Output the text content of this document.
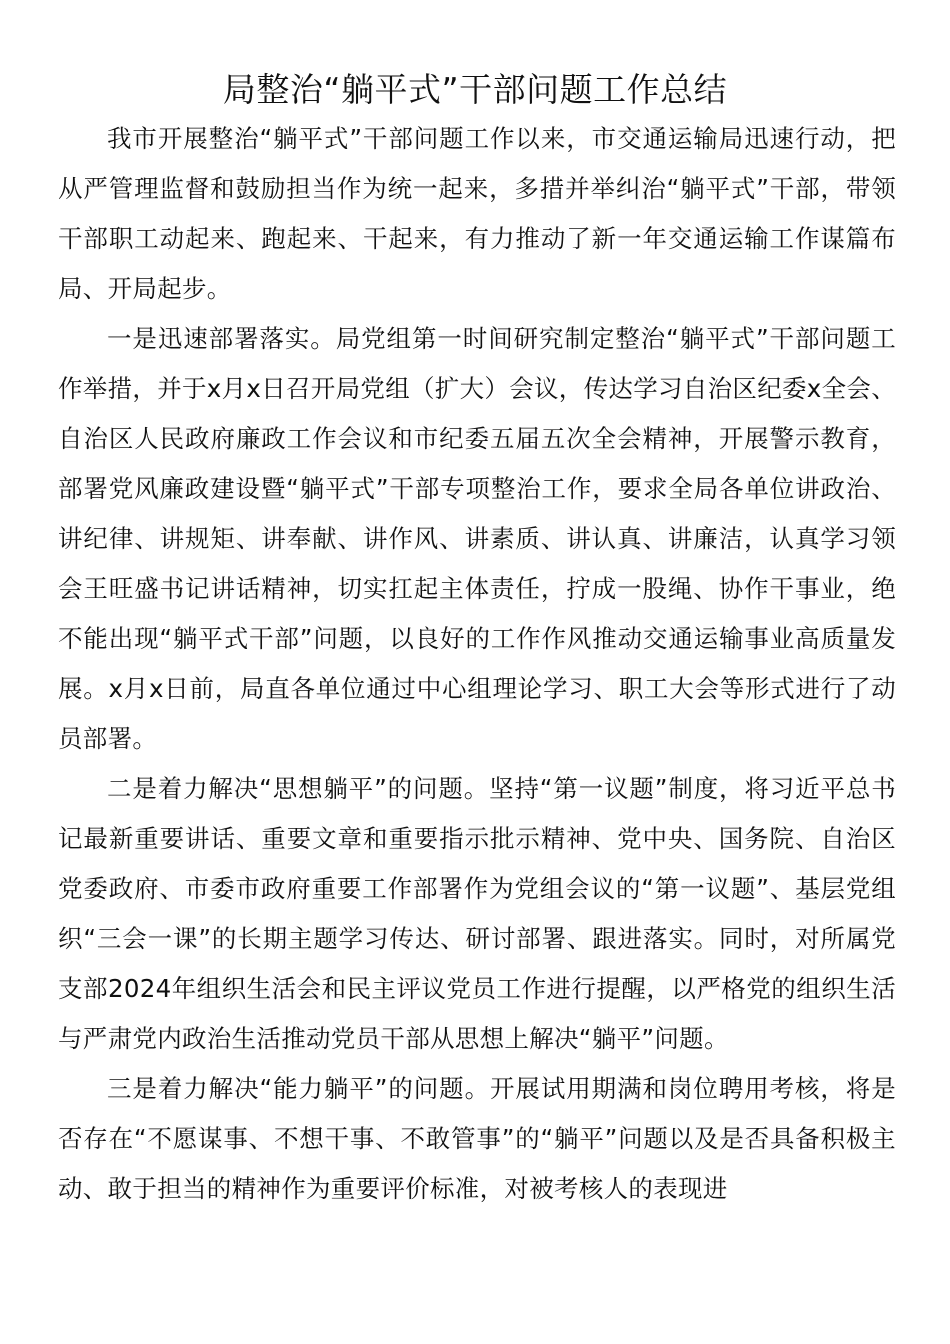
局整治“躺平式”干部问题工作总结

我市开展整治“躺平式”干部问题工作以来，市交通运输局迅速行动，把从严管理监督和鼓励担当作为统一起来，多措并举纠治“躺平式”干部，带领干部职工动起来、跑起来、干起来，有力推动了新一年交通运输工作谋篇布局、开局起步。

一是迅速部署落实。局党组第一时间研究制定整治“躺平式”干部问题工作举措，并于x月x日召开局党组（扩大）会议，传达学习自治区纪委x全会、自治区人民政府廉政工作会议和市纪委五届五次全会精神，开展警示教育，部署党风廉政建设暨“躺平式”干部专项整治工作，要求全局各单位讲政治、讲纪律、讲规矩、讲奉献、讲作风、讲素质、讲认真、讲廉洁，认真学习领会王旺盛书记讲话精神，切实扛起主体责任，拧成一股绳、协作干事业，绝不能出现“躺平式干部”问题，以良好的工作作风推动交通运输事业高质量发展。x月x日前，局直各单位通过中心组理论学习、职工大会等形式进行了动员部署。

二是着力解决“思想躺平”的问题。坚持“第一议题”制度，将习近平总书记最新重要讲话、重要文章和重要指示批示精神、党中央、国务院、自治区党委政府、市委市政府重要工作部署作为党组会议的“第一议题”、基层党组织“三会一课”的长期主题学习传达、研讨部署、跟进落实。同时，对所属党支部2024年组织生活会和民主评议党员工作进行提醒，以严格党的组织生活与严肃党内政治生活推动党员干部从思想上解决“躺平”问题。

三是着力解决“能力躺平”的问题。开展试用期满和岗位聘用考核，将是否存在“不愿谋事、不想干事、不敢管事”的“躺平”问题以及是否具备积极主动、敢于担当的精神作为重要评价标准，对被考核人的表现进
